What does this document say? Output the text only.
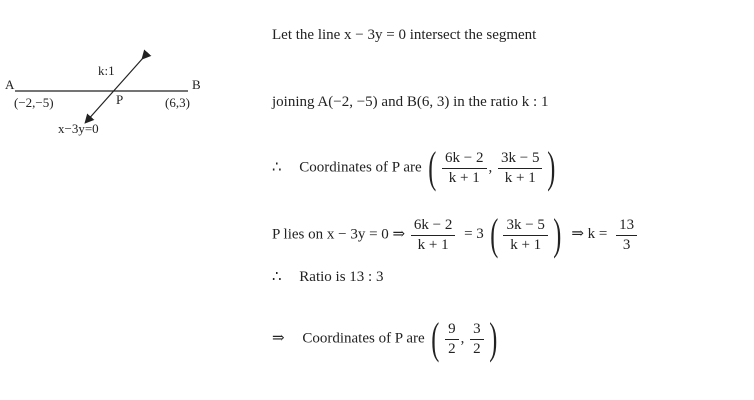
A	B
k:1
(−2,−5)	P	(6,3)
x−3y=0
Let the line x − 3y = 0 intersect the segment
joining A(−2, −5) and B(6, 3) in the ratio k : 1
∴ Coordinates of P are ( $\frac{6k - 2}{k + 1}$ , $\frac{3k - 5}{k + 1}$ )
P lies on x − 3y = 0 ⇒ $\frac{6k - 2}{k + 1} = 3$ ( $\frac{3k - 5}{k + 1}$ ) ⇒ $k = \frac{13}{3}$
∴ Ratio is 13 : 3
⇒ Coordinates of P are ( $\frac{9}{2}$ , $\frac{3}{2}$ )
